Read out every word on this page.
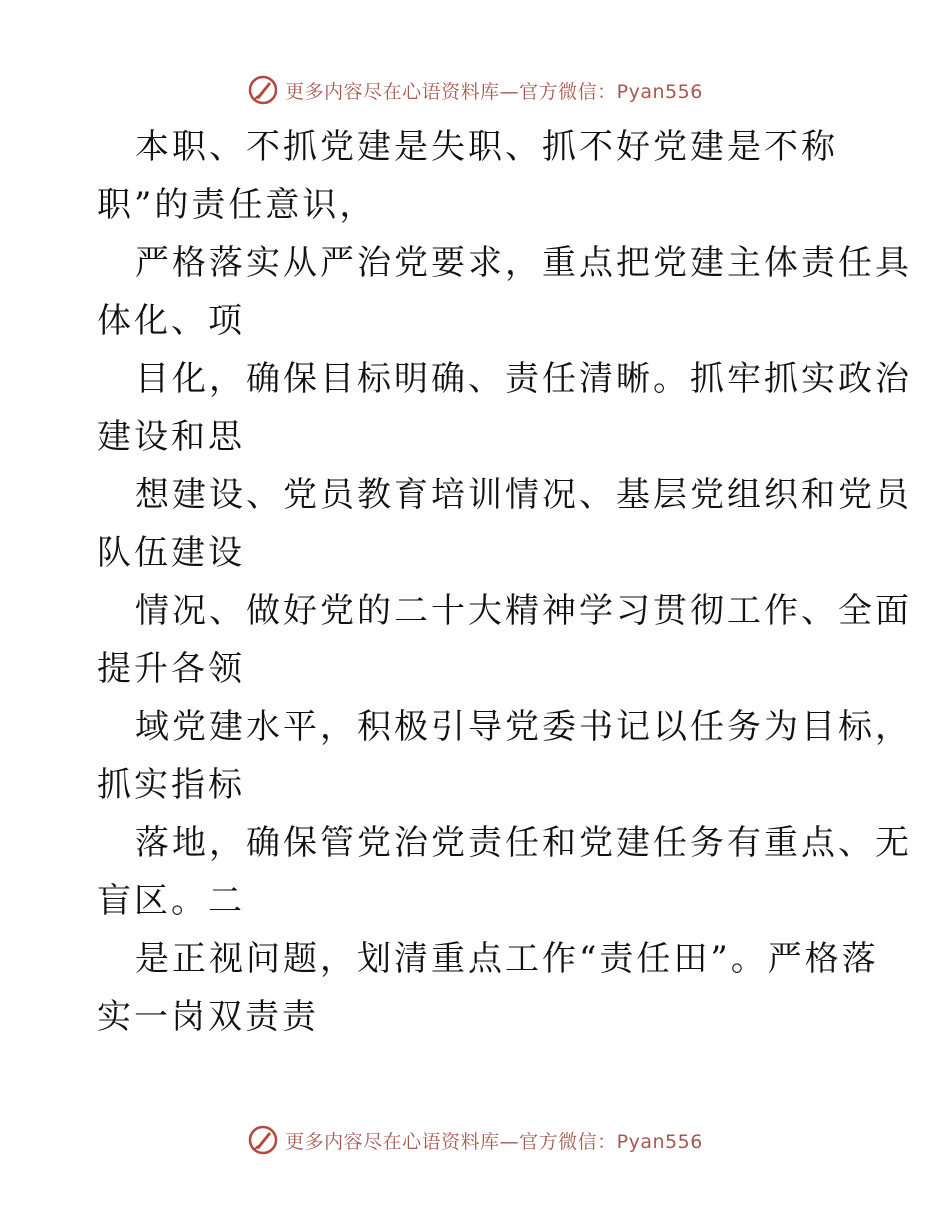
更多内容尽在心语资料库—官方微信：Pyan556
本职、不抓党建是失职、抓不好党建是不称
职”的责任意识，
严格落实从严治党要求，重点把党建主体责任具
体化、项
目化，确保目标明确、责任清晰。抓牢抓实政治
建设和思
想建设、党员教育培训情况、基层党组织和党员
队伍建设
情况、做好党的二十大精神学习贯彻工作、全面
提升各领
域党建水平，积极引导党委书记以任务为目标，
抓实指标
落地，确保管党治党责任和党建任务有重点、无
盲区。二
是正视问题，划清重点工作“责任田”。严格落
实一岗双责责
更多内容尽在心语资料库—官方微信：Pyan556
